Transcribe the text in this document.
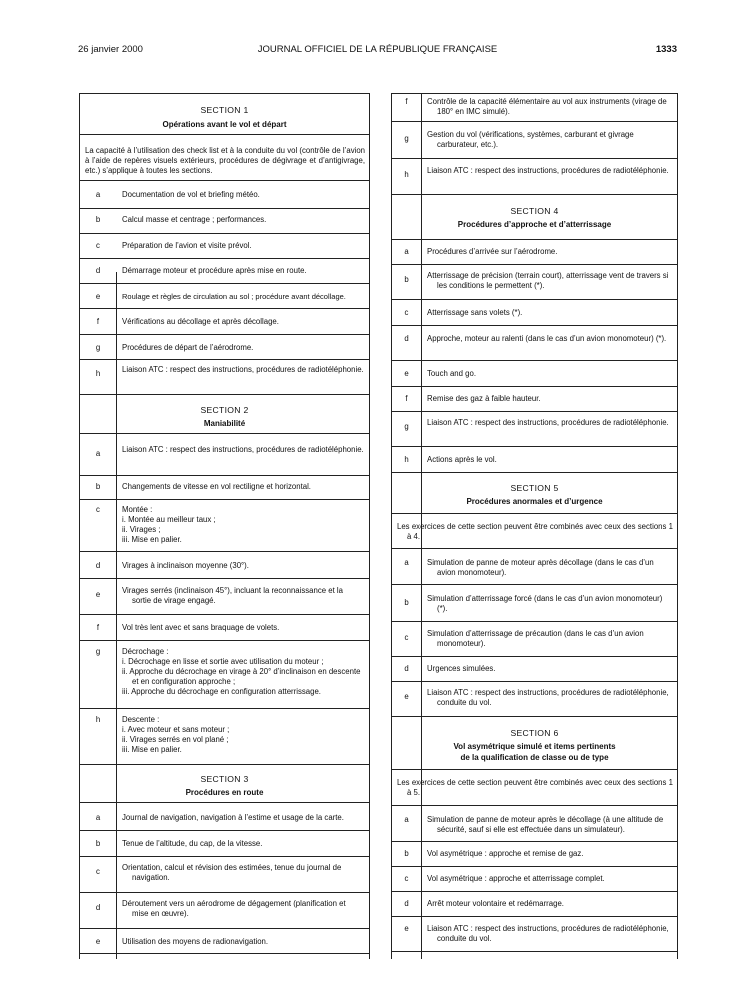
26 janvier 2000	JOURNAL OFFICIEL DE LA RÉPUBLIQUE FRANÇAISE	1333
SECTION 1
Opérations avant le vol et départ
La capacité à l’utilisation des check list et à la conduite du vol (contrôle de l’avion à l’aide de repères visuels extérieurs, procédures de dégivrage et d’antigivrage, etc.) s’applique à toutes les sections.
a	Documentation de vol et briefing météo.
b	Calcul masse et centrage ; performances.
c	Préparation de l’avion et visite prévol.
d	Démarrage moteur et procédure après mise en route.
e	Roulage et règles de circulation au sol ; procédure avant décollage.
f	Vérifications au décollage et après décollage.
g	Procédures de départ de l’aérodrome.
h	Liaison ATC : respect des instructions, procédures de radiotéléphonie.
SECTION 2
Maniabilité
a	Liaison ATC : respect des instructions, procédures de radiotéléphonie.
b	Changements de vitesse en vol rectiligne et horizontal.
c	Montée :
i. Montée au meilleur taux ;
ii. Virages ;
iii. Mise en palier.
d	Virages à inclinaison moyenne (30°).
e	Virages serrés (inclinaison 45°), incluant la reconnaissance et la sortie de virage engagé.
f	Vol très lent avec et sans braquage de volets.
g	Décrochage :
i. Décrochage en lisse et sortie avec utilisation du moteur ;
ii. Approche du décrochage en virage à 20° d’inclinaison en descente et en configuration approche ;
iii. Approche du décrochage en configuration atterrissage.
h	Descente :
i. Avec moteur et sans moteur ;
ii. Virages serrés en vol plané ;
iii. Mise en palier.
SECTION 3
Procédures en route
a	Journal de navigation, navigation à l’estime et usage de la carte.
b	Tenue de l’altitude, du cap, de la vitesse.
c	Orientation, calcul et révision des estimées, tenue du journal de navigation.
d	Déroutement vers un aérodrome de dégagement (planification et mise en œuvre).
e	Utilisation des moyens de radionavigation.
f	Contrôle de la capacité élémentaire au vol aux instruments (virage de 180° en IMC simulé).
g	Gestion du vol (vérifications, systèmes, carburant et givrage carburateur, etc.).
h	Liaison ATC : respect des instructions, procédures de radiotéléphonie.
SECTION 4
Procédures d’approche et d’atterrissage
a	Procédures d’arrivée sur l’aérodrome.
b	Atterrissage de précision (terrain court), atterrissage vent de travers si les conditions le permettent (*).
c	Atterrissage sans volets (*).
d	Approche, moteur au ralenti (dans le cas d’un avion monomoteur) (*).
e	Touch and go.
f	Remise des gaz à faible hauteur.
g	Liaison ATC : respect des instructions, procédures de radiotéléphonie.
h	Actions après le vol.
SECTION 5
Procédures anormales et d’urgence
Les exercices de cette section peuvent être combinés avec ceux des sections 1 à 4.
a	Simulation de panne de moteur après décollage (dans le cas d’un avion monomoteur).
b	Simulation d’atterrissage forcé (dans le cas d’un avion monomoteur) (*).
c	Simulation d’atterrissage de précaution (dans le cas d’un avion monomoteur).
d	Urgences simulées.
e	Liaison ATC : respect des instructions, procédures de radiotéléphonie, conduite du vol.
SECTION 6
Vol asymétrique simulé et items pertinents
de la qualification de classe ou de type
Les exercices de cette section peuvent être combinés avec ceux des sections 1 à 5.
a	Simulation de panne de moteur après le décollage (à une altitude de sécurité, sauf si elle est effectuée dans un simulateur).
b	Vol asymétrique : approche et remise de gaz.
c	Vol asymétrique : approche et atterrissage complet.
d	Arrêt moteur volontaire et redémarrage.
e	Liaison ATC : respect des instructions, procédures de radiotéléphonie, conduite du vol.
